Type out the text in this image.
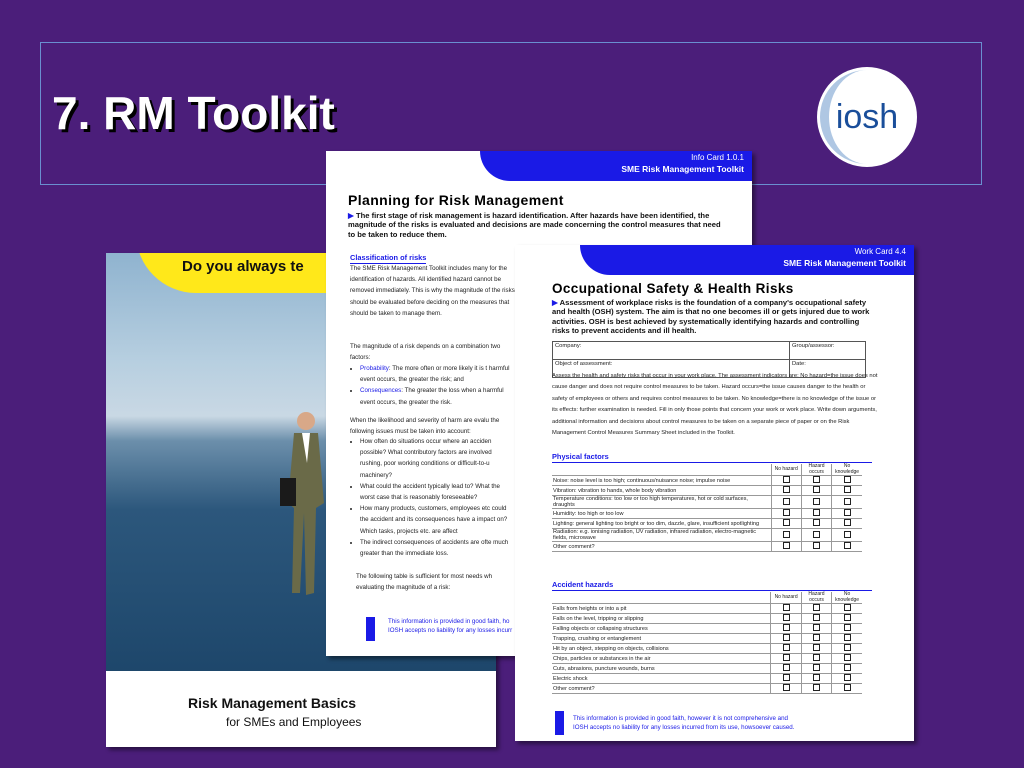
7. RM Toolkit	iosh
Do you always te
Risk Management Basics
for SMEs and Employees
Info Card 1.0.1
SME Risk Management Toolkit
Planning for Risk Management
▶ The first stage of risk management is hazard identification. After hazards have been identified, the magnitude of the risks is evaluated and decisions are made concerning the control measures that need to be taken to reduce them.
Classification of risks
The SME Risk Management Toolkit includes many for the identification of hazards. All identified hazard cannot be removed immediately. This is why the magnitude of the risks should be evaluated before deciding on the measures that should be taken to manage them.
The magnitude of a risk depends on a combination two factors:
• Probability: The more often or more likely it is t harmful event occurs, the greater the risk; and
• Consequences: The greater the loss when a harmful event occurs, the greater the risk.
When the likelihood and severity of harm are evalu the following issues must be taken into account:
• How often do situations occur where an acciden possible? What contributory factors are involved rushing, poor working conditions or difficult-to-u machinery?
• What could the accident typically lead to? What the worst case that is reasonably foreseeable?
• How many products, customers, employees etc could the accident and its consequences have a impact on? Which tasks, projects etc. are affect
• The indirect consequences of accidents are ofte much greater than the immediate loss.
The following table is sufficient for most needs wh evaluating the magnitude of a risk:
This information is provided in good faith, ho
IOSH accepts no liability for any losses incurr
Work Card 4.4
SME Risk Management Toolkit
Occupational Safety & Health Risks
▶ Assessment of workplace risks is the foundation of a company's occupational safety and health (OSH) system. The aim is that no one becomes ill or gets injured due to work activities. OSH is best achieved by systematically identifying hazards and controlling risks to prevent accidents and ill health.
Company:	Group/assessor:
Object of assessment:	Date:
Assess the health and safety risks that occur in your work place. The assessment indicators are: No hazard=the issue does not cause danger and does not require control measures to be taken. Hazard occurs=the issue causes danger to the health or safety of employees or others and requires control measures to be taken. No knowledge=there is no knowledge of the issue or its effects: further examination is needed. Fill in only those points that concern your work or work place. Write down arguments, additional information and decisions about control measures to be taken on a separate piece of paper or on the Risk Management Control Measures Summary Sheet included in the Toolkit.
Physical factors
	No hazard	Hazard occurs	No knowledge
Noise: noise level is too high; continuous/nuisance noise; impulse noise			
Vibration: vibration to hands, whole body vibration			
Temperature conditions: too low or too high temperatures, hot or cold surfaces, draughts			
Humidity: too high or too low			
Lighting: general lighting too bright or too dim, dazzle, glare, insufficient spotlighting			
Radiation: e.g. ionising radiation, UV radiation, infrared radiation, electro-magnetic fields, microwave			
Other comment?			
Accident hazards
	No hazard	Hazard occurs	No knowledge
Falls from heights or into a pit			
Falls on the level, tripping or slipping			
Falling objects or collapsing structures			
Trapping, crushing or entanglement			
Hit by an object, stepping on objects, collisions			
Chips, particles or substances in the air			
Cuts, abrasions, puncture wounds, burns			
Electric shock			
Other comment?			
This information is provided in good faith, however it is not comprehensive and
IOSH accepts no liability for any losses incurred from its use, howsoever caused.
